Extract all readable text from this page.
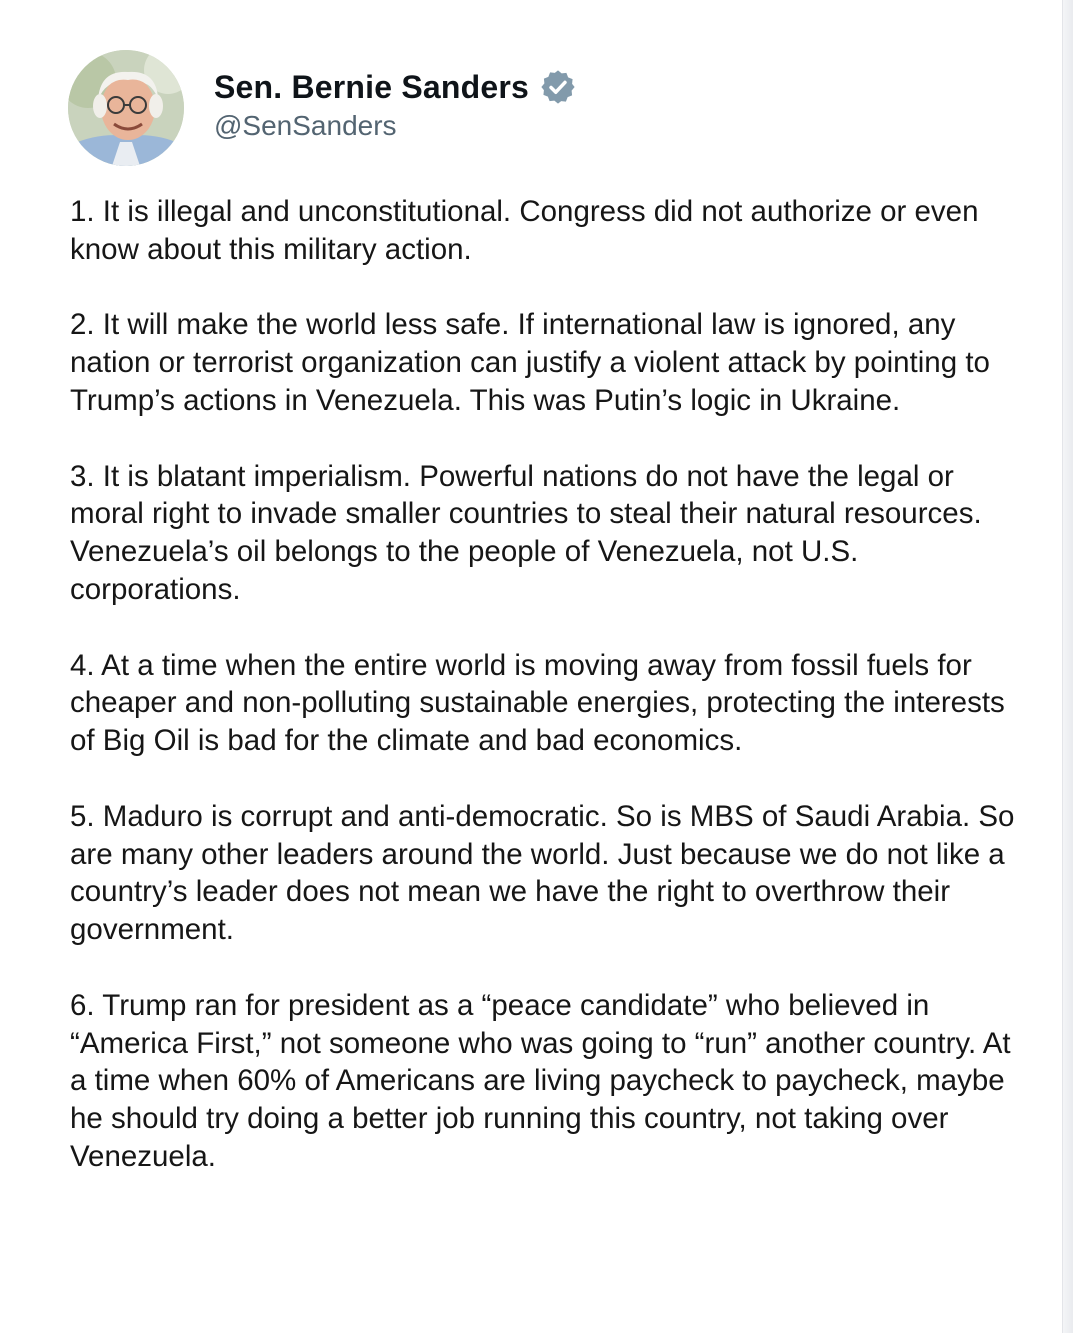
Sen. Bernie Sanders
@SenSanders

1. It is illegal and unconstitutional. Congress did not authorize or even know about this military action.

2. It will make the world less safe. If international law is ignored, any nation or terrorist organization can justify a violent attack by pointing to Trump’s actions in Venezuela. This was Putin’s logic in Ukraine.

3. It is blatant imperialism. Powerful nations do not have the legal or moral right to invade smaller countries to steal their natural resources. Venezuela’s oil belongs to the people of Venezuela, not U.S. corporations.

4. At a time when the entire world is moving away from fossil fuels for cheaper and non-polluting sustainable energies, protecting the interests of Big Oil is bad for the climate and bad economics.

5. Maduro is corrupt and anti-democratic. So is MBS of Saudi Arabia. So are many other leaders around the world. Just because we do not like a country’s leader does not mean we have the right to overthrow their government.

6. Trump ran for president as a “peace candidate” who believed in “America First,” not someone who was going to “run” another country. At a time when 60% of Americans are living paycheck to paycheck, maybe he should try doing a better job running this country, not taking over Venezuela.
